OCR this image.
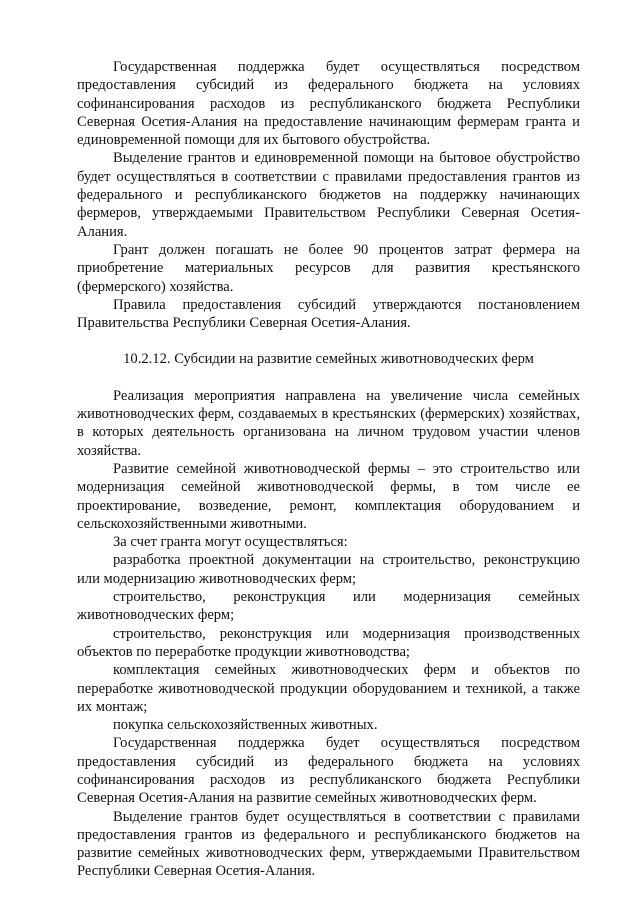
Государственная поддержка будет осуществляться посредством предоставления субсидий из федерального бюджета на условиях софинансирования расходов из республиканского бюджета Республики Северная Осетия-Алания на предоставление начинающим фермерам гранта и единовременной помощи для их бытового обустройства.

Выделение грантов и единовременной помощи на бытовое обустройство будет осуществляться в соответствии с правилами предоставления грантов из федерального и республиканского бюджетов на поддержку начинающих фермеров, утверждаемыми Правительством Республики Северная Осетия-Алания.

Грант должен погашать не более 90 процентов затрат фермера на приобретение материальных ресурсов для развития крестьянского (фермерского) хозяйства.

Правила предоставления субсидий утверждаются постановлением Правительства Республики Северная Осетия-Алания.

10.2.12. Субсидии на развитие семейных животноводческих ферм

Реализация мероприятия направлена на увеличение числа семейных животноводческих ферм, создаваемых в крестьянских (фермерских) хозяйствах, в которых деятельность организована на личном трудовом участии членов хозяйства.

Развитие семейной животноводческой фермы – это строительство или модернизация семейной животноводческой фермы, в том числе ее проектирование, возведение, ремонт, комплектация оборудованием и сельскохозяйственными животными.

За счет гранта могут осуществляться:

разработка проектной документации на строительство, реконструкцию или модернизацию животноводческих ферм;

строительство, реконструкция или модернизация семейных животноводческих ферм;

строительство, реконструкция или модернизация производственных объектов по переработке продукции животноводства;

комплектация семейных животноводческих ферм и объектов по переработке животноводческой продукции оборудованием и техникой, а также их монтаж;

покупка сельскохозяйственных животных.

Государственная поддержка будет осуществляться посредством предоставления субсидий из федерального бюджета на условиях софинансирования расходов из республиканского бюджета Республики Северная Осетия-Алания на развитие семейных животноводческих ферм.

Выделение грантов будет осуществляться в соответствии с правилами предоставления грантов из федерального и республиканского бюджетов на развитие семейных животноводческих ферм, утверждаемыми Правительством Республики Северная Осетия-Алания.
